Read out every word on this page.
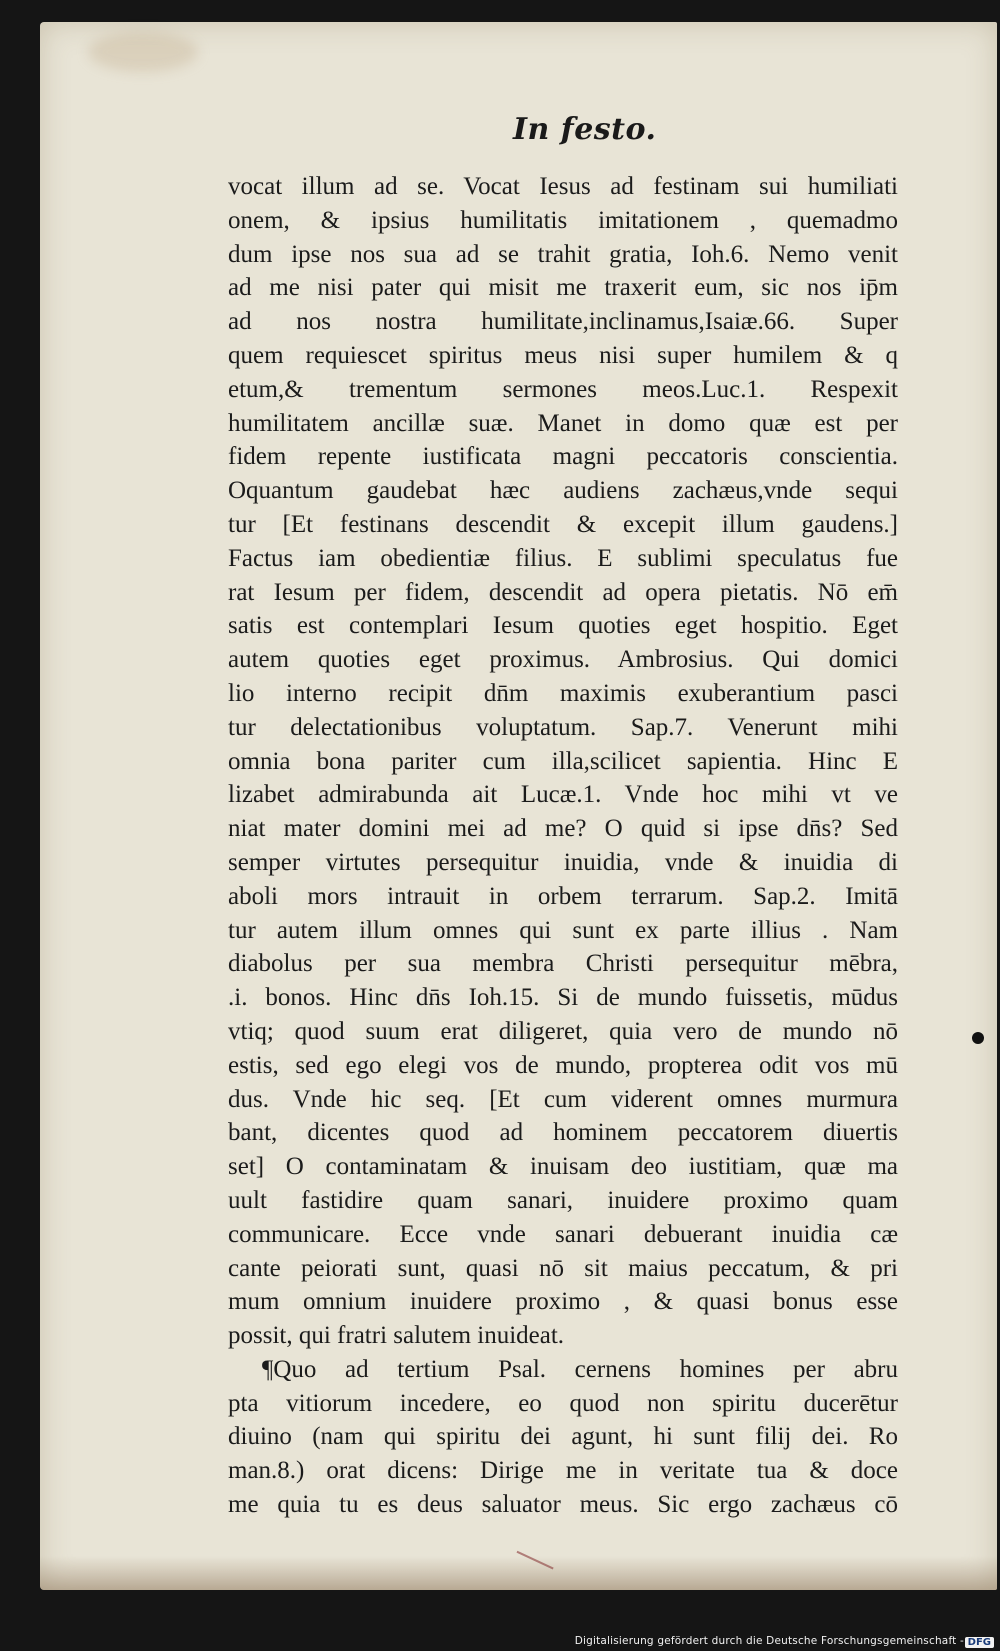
In festo.
vocat illum ad se. Vocat Iesus ad festinam sui humiliati
onem, & ipsius humilitatis imitationem , quemadmo
dum ipse nos sua ad se trahit gratia, Ioh.6. Nemo venit
ad me nisi pater qui misit me traxerit eum, sic nos ip̄m
ad nos nostra humilitate,inclinamus,Isaiæ.66. Super
quem requiescet spiritus meus nisi super humilem & q
etum,& trementum sermones meos.Luc.1. Respexit
humilitatem ancillæ suæ. Manet in domo quæ est per
fidem repente iustificata magni peccatoris conscientia.
Oquantum gaudebat hæc audiens zachæus,vnde sequi
tur [Et festinans descendit & excepit illum gaudens.]
Factus iam obedientiæ filius. E sublimi speculatus fue
rat Iesum per fidem, descendit ad opera pietatis. Nō em̄
satis est contemplari Iesum quoties eget hospitio. Eget
autem quoties eget proximus. Ambrosius. Qui domici
lio interno recipit dn̄m maximis exuberantium pasci
tur delectationibus voluptatum. Sap.7. Venerunt mihi
omnia bona pariter cum illa,scilicet sapientia. Hinc E
lizabet admirabunda ait Lucæ.1. Vnde hoc mihi vt ve
niat mater domini mei ad me? O quid si ipse dn̄s? Sed
semper virtutes persequitur inuidia, vnde & inuidia di
aboli mors intrauit in orbem terrarum. Sap.2. Imitā
tur autem illum omnes qui sunt ex parte illius . Nam
diabolus per sua membra Christi persequitur mēbra,
.i. bonos. Hinc dn̄s Ioh.15. Si de mundo fuissetis, mūdus
vtiq; quod suum erat diligeret, quia vero de mundo nō
estis, sed ego elegi vos de mundo, propterea odit vos mū
dus. Vnde hic seq. [Et cum viderent omnes murmura
bant, dicentes quod ad hominem peccatorem diuertis
set] O contaminatam & inuisam deo iustitiam, quæ ma
uult fastidire quam sanari, inuidere proximo quam
communicare. Ecce vnde sanari debuerant inuidia cæ
cante peiorati sunt, quasi nō sit maius peccatum, & pri
mum omnium inuidere proximo , & quasi bonus esse
possit, qui fratri salutem inuideat.
¶Quo ad tertium Psal. cernens homines per abru
pta vitiorum incedere, eo quod non spiritu ducerētur
diuino (nam qui spiritu dei agunt, hi sunt filij dei. Ro
man.8.) orat dicens: Dirige me in veritate tua & doce
me quia tu es deus saluator meus. Sic ergo zachæus cō
Digitalisierung gefördert durch die Deutsche Forschungsgemeinschaft - DFG
